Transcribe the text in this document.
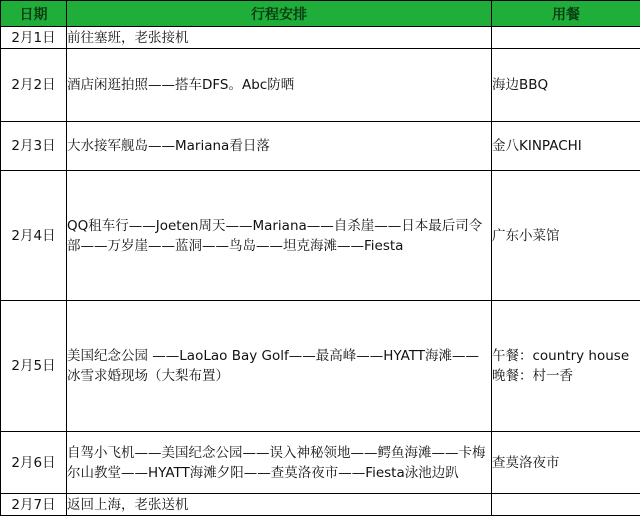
日期	行程安排	用餐
2月1日	前往塞班，老张接机	
2月2日	酒店闲逛拍照——搭车DFS。Abc防晒	海边BBQ
2月3日	大水接军舰岛——Mariana看日落	金八KINPACHI
2月4日	QQ租车行——Joeten周天——Mariana——自杀崖——日本最后司令部——万岁崖——蓝洞——鸟岛——坦克海滩——Fiesta	广东小菜馆
2月5日	美国纪念公园 ——LaoLao Bay Golf——最高峰——HYATT海滩——冰雪求婚现场（大梨布置）	午餐：country house
晚餐：村一香

2月6日	自驾小飞机——美国纪念公园——误入神秘领地——鳄鱼海滩——卡梅尔山教堂——HYATT海滩夕阳——查莫洛夜市——Fiesta泳池边趴	查莫洛夜市
2月7日	返回上海，老张送机	
